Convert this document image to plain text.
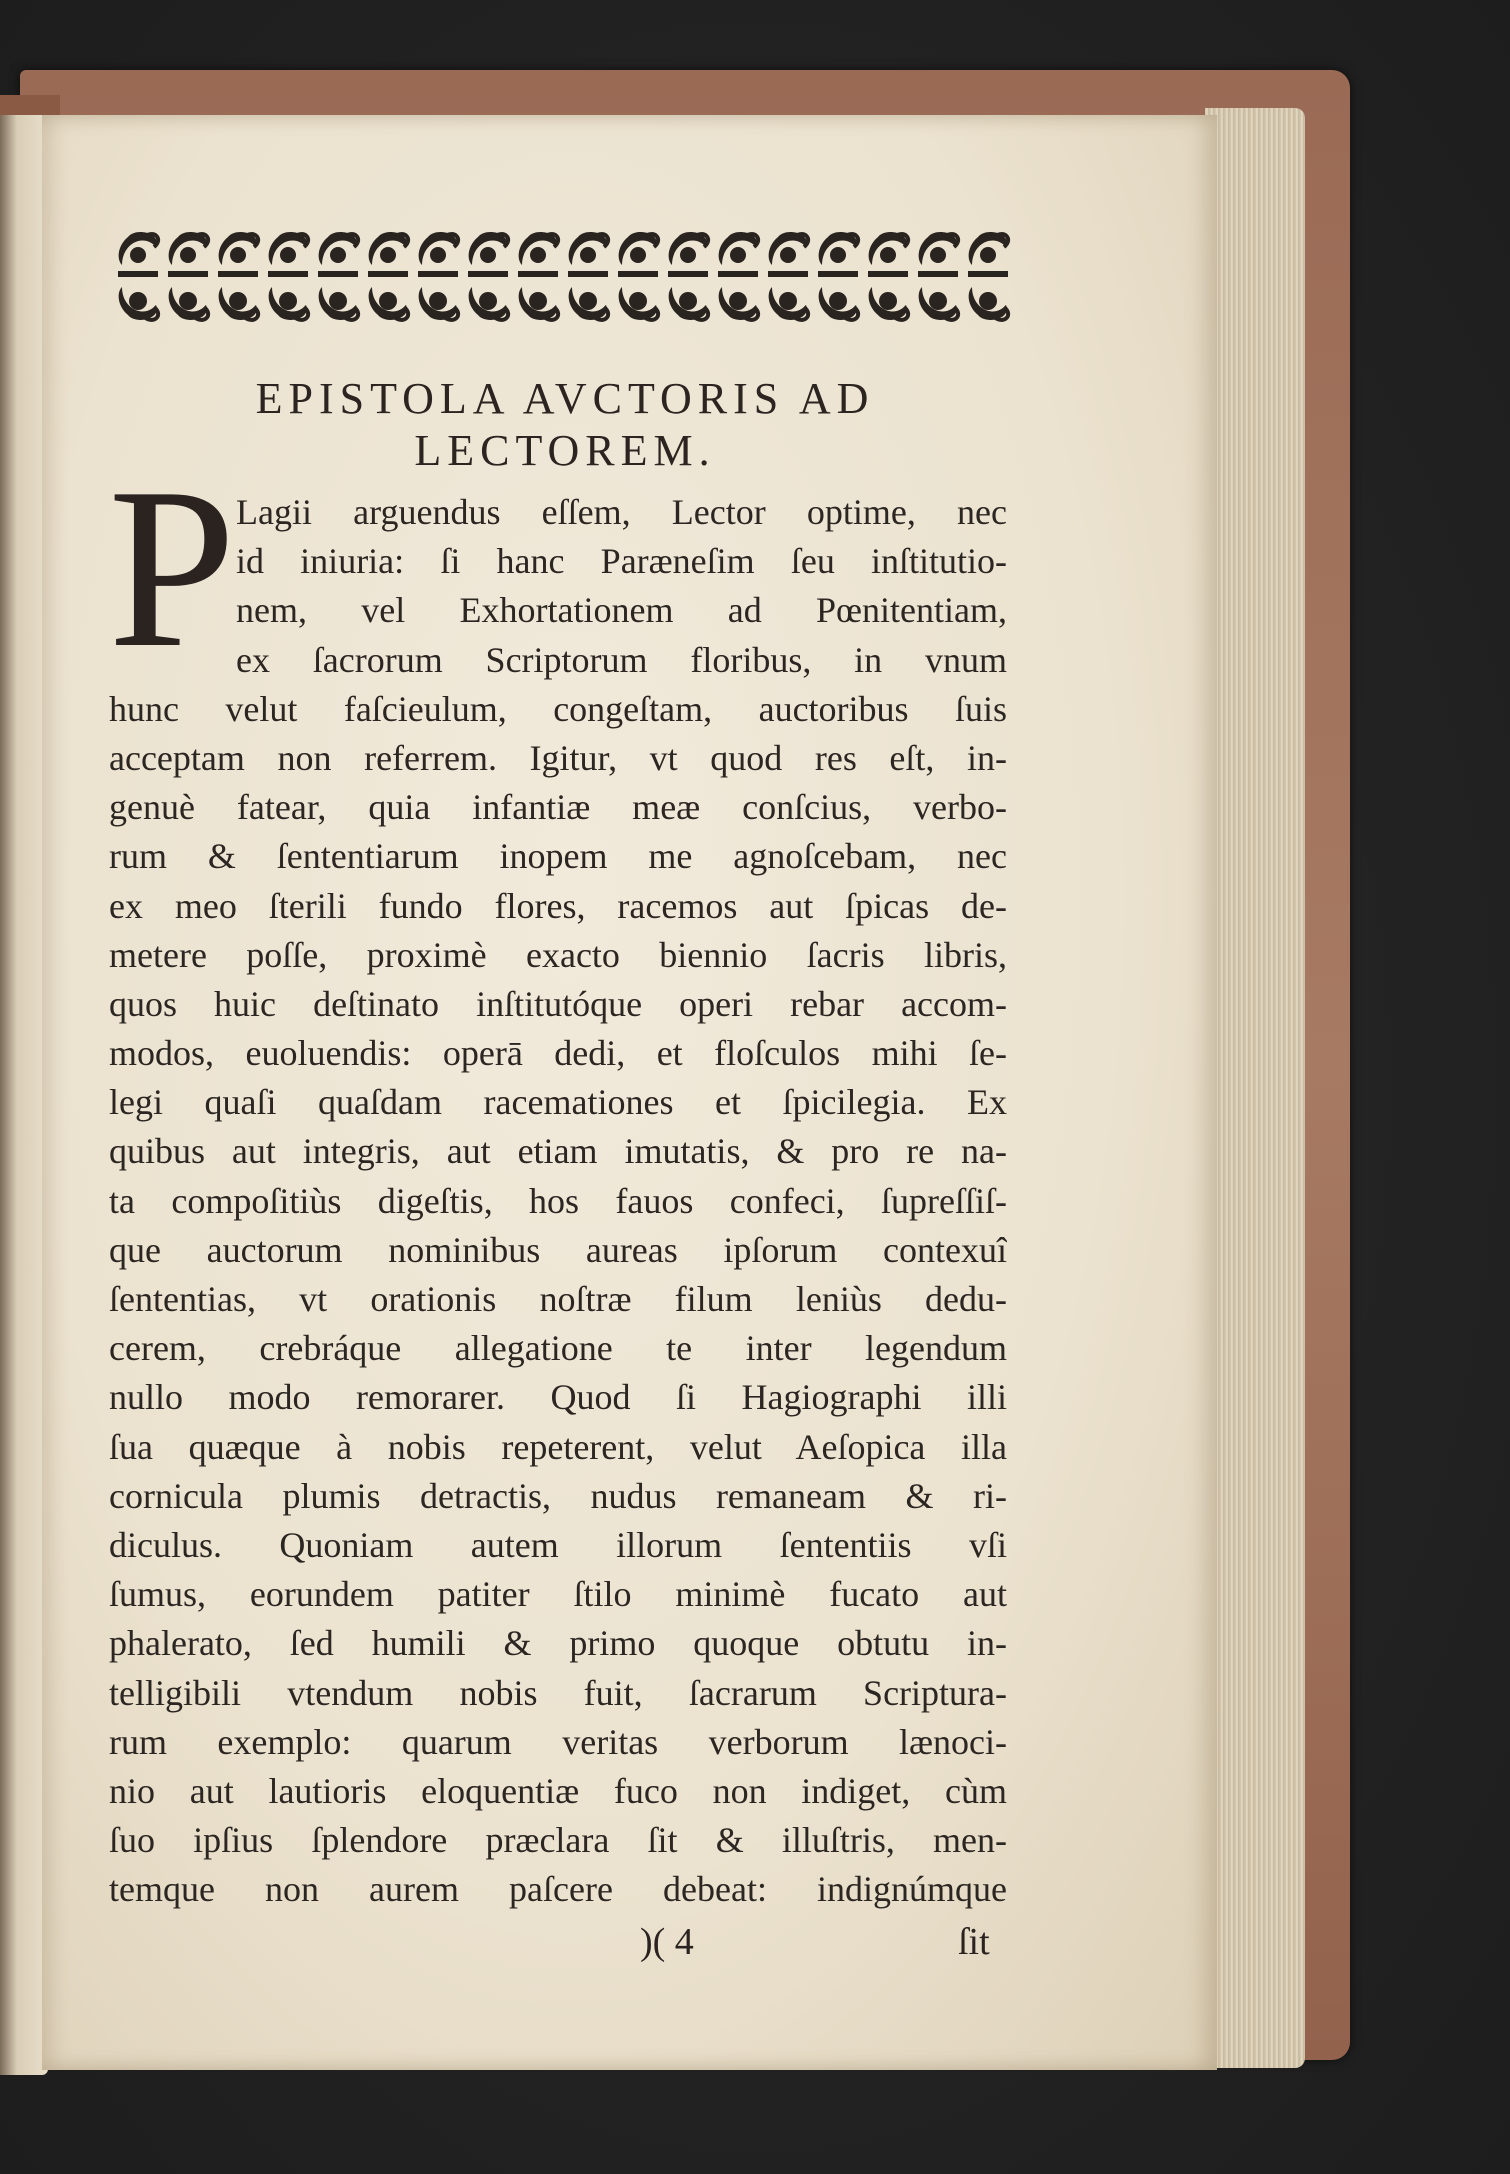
EPISTOLA AVCTORIS AD
LECTOREM.
P Lagii arguendus eſſem, Lector optime, nec
id iniuria: ſi hanc Paræneſim ſeu inſtitutio-
nem, vel Exhortationem ad Pœnitentiam,
ex ſacrorum Scriptorum floribus, in vnum
hunc velut faſcieulum, congeſtam, auctoribus ſuis
acceptam non referrem. Igitur, vt quod res eſt, in-
genuè fatear, quia infantiæ meæ conſcius, verbo-
rum & ſententiarum inopem me agnoſcebam, nec
ex meo ſterili fundo flores, racemos aut ſpicas de-
metere poſſe, proximè exacto biennio ſacris libris,
quos huic deſtinato inſtitutóque operi rebar accom-
modos, euoluendis: operā dedi, et floſculos mihi ſe-
legi quaſi quaſdam racemationes et ſpicilegia. Ex
quibus aut integris, aut etiam imutatis, & pro re na-
ta compoſitiùs digeſtis, hos fauos confeci, ſupreſſiſ-
que auctorum nominibus aureas ipſorum contexuî
ſententias, vt orationis noſtræ filum leniùs dedu-
cerem, crebráque allegatione te inter legendum
nullo modo remorarer. Quod ſi Hagiographi illi
ſua quæque à nobis repeterent, velut Aeſopica illa
cornicula plumis detractis, nudus remaneam & ri-
diculus. Quoniam autem illorum ſententiis vſi
ſumus, eorundem patiter ſtilo minimè fucato aut
phalerato, ſed humili & primo quoque obtutu in-
telligibili vtendum nobis fuit, ſacrarum Scriptura-
rum exemplo: quarum veritas verborum lænoci-
nio aut lautioris eloquentiæ fuco non indiget, cùm
ſuo ipſius ſplendore præclara ſit & illuſtris, men-
temque non aurem paſcere debeat: indignúmque
)( 4	ſit
